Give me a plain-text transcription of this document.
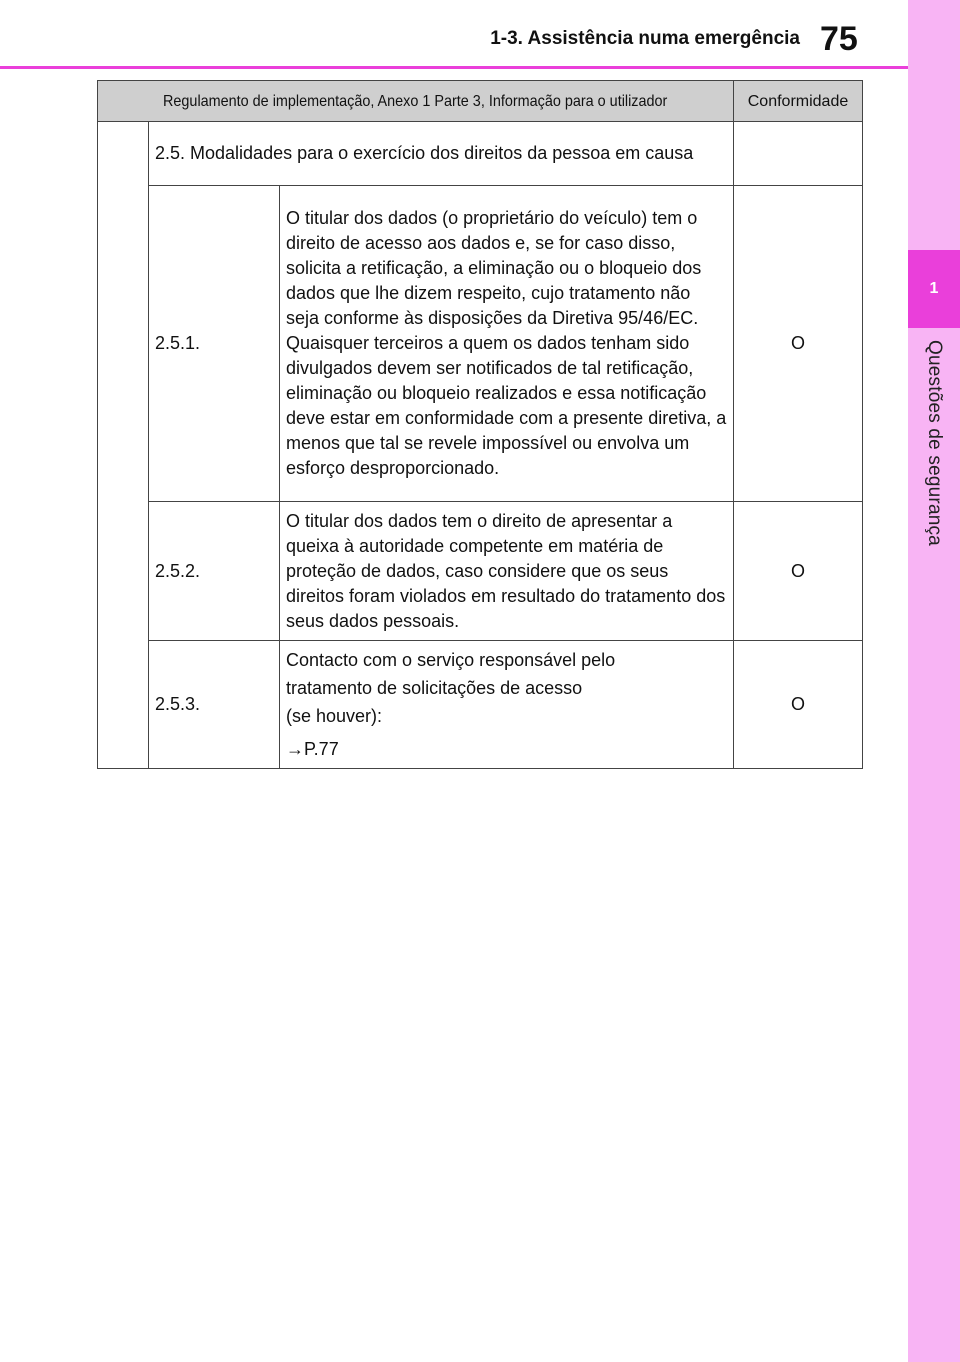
1
Questões de segurança
1-3. Assistência numa emergência 75
Regulamento de implementação, Anexo 1 Parte 3, Informação para o utilizador			Conformidade
	2.5. Modalidades para o exercício dos direitos da pessoa em causa		
	2.5.1.	O titular dos dados (o proprietário do veículo) tem o direito de acesso aos dados e, se for caso disso, solicita a retificação, a eliminação ou o bloqueio dos dados que lhe dizem respeito, cujo tratamento não seja conforme às disposições da Diretiva 95/46/EC. Quaisquer terceiros a quem os dados tenham sido divulgados devem ser notificados de tal retificação, eliminação ou bloqueio realizados e essa notificação deve estar em conformidade com a presente diretiva, a menos que tal se revele impossível ou envolva um esforço desproporcionado.	O
	2.5.2.	O titular dos dados tem o direito de apresentar a queixa à autoridade competente em matéria de proteção de dados, caso considere que os seus direitos foram violados em resultado do tratamento dos seus dados pessoais.	O
	2.5.3.	Contacto com o serviço responsável pelo

tratamento de solicitações de acesso
(se houver):
→P.77	O
